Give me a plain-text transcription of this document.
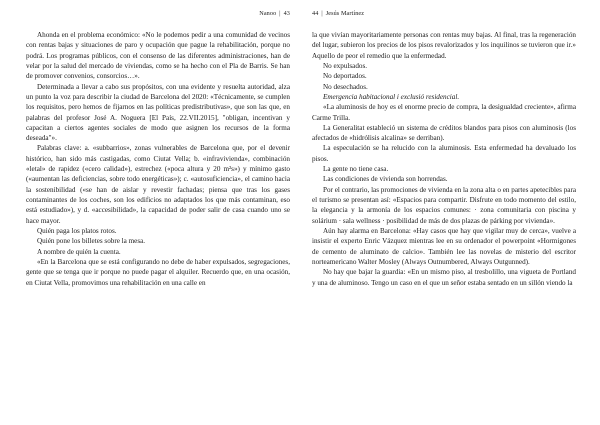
Nanoo | 43

Ahonda en el problema económico: «No le podemos pedir a una comunidad de vecinos con rentas bajas y situaciones de paro y ocupación que pague la rehabilitación, porque no podrá. Los programas públicos, con el consenso de las diferentes administraciones, han de velar por la salud del mercado de viviendas, como se ha hecho con el Pla de Barris. Se han de promover convenios, consorcios…».

Determinada a llevar a cabo sus propósitos, con una evidente y resuelta autoridad, alza un punto la voz para describir la ciudad de Barcelona del 2020: «Técnicamente, se cumplen los requisitos, pero hemos de fijarnos en las políticas predistributivas», que son las que, en palabras del profesor José A. Noguera [El País, 22.VII.2015], "obligan, incentivan y capacitan a ciertos agentes sociales de modo que asignen los recursos de la forma deseada"».

Palabras clave: a. «subbarrios», zonas vulnerables de Barcelona que, por el devenir histórico, han sido más castigadas, como Ciutat Vella; b. «infravivienda», combinación «letal» de rapidez («cero calidad»), estrechez («poca altura y 20 m²s») y mínimo gasto («aumentan las deficiencias, sobre todo energéticas»); c. «autosuficiencia», el camino hacia la sostenibilidad («se han de aislar y revestir fachadas; piensa que tras los gases contaminantes de los coches, son los edificios no adaptados los que más contaminan, eso está estudiado»), y d. «accesibilidad», la capacidad de poder salir de casa cuando uno se hace mayor.

Quién paga los platos rotos.

Quién pone los billetes sobre la mesa.

A nombre de quién la cuenta.

«En la Barcelona que se está configurando no debe de haber expulsados, segregaciones, gente que se tenga que ir porque no puede pagar el alquiler. Recuerdo que, en una ocasión, en Ciutat Vella, promovimos una rehabilitación en una calle en

44 | Jesús Martínez

la que vivían mayoritariamente personas con rentas muy bajas. Al final, tras la regeneración del lugar, subieron los precios de los pisos revalorizados y los inquilinos se tuvieron que ir.» Aquello de peor el remedio que la enfermedad.

No expulsados.

No deportados.

No desechados.

Emergencia habitacional i exclusió residencial.

«La aluminosis de hoy es el enorme precio de compra, la desigualdad creciente», afirma Carme Trilla.

La Generalitat estableció un sistema de créditos blandos para pisos con aluminosis (los afectados de «hidrólisis alcalina» se derriban).

La especulación se ha relucido con la aluminosis. Esta enfermedad ha devaluado los pisos.

La gente no tiene casa.

Las condiciones de vivienda son horrendas.

Por el contrario, las promociones de vivienda en la zona alta o en partes apetecibles para el turismo se presentan así: «Espacios para compartir. Disfrute en todo momento del estilo, la elegancia y la armonía de los espacios comunes: · zona comunitaria con piscina y solárium · sala wellness · posibilidad de más de dos plazas de párking por vivienda».

Aún hay alarma en Barcelona: «Hay casos que hay que vigilar muy de cerca», vuelve a insistir el experto Enric Vázquez mientras lee en su ordenador el powerpoint «Hormigones de cemento de aluminato de calcio». También lee las novelas de misterio del escritor norteamericano Walter Mosley (Always Outnumbered, Always Outgunned).

No hay que bajar la guardia: «En un mismo piso, al tresbolillo, una vigueta de Portland y una de aluminoso. Tengo un caso en el que un señor estaba sentado en un sillón viendo la
